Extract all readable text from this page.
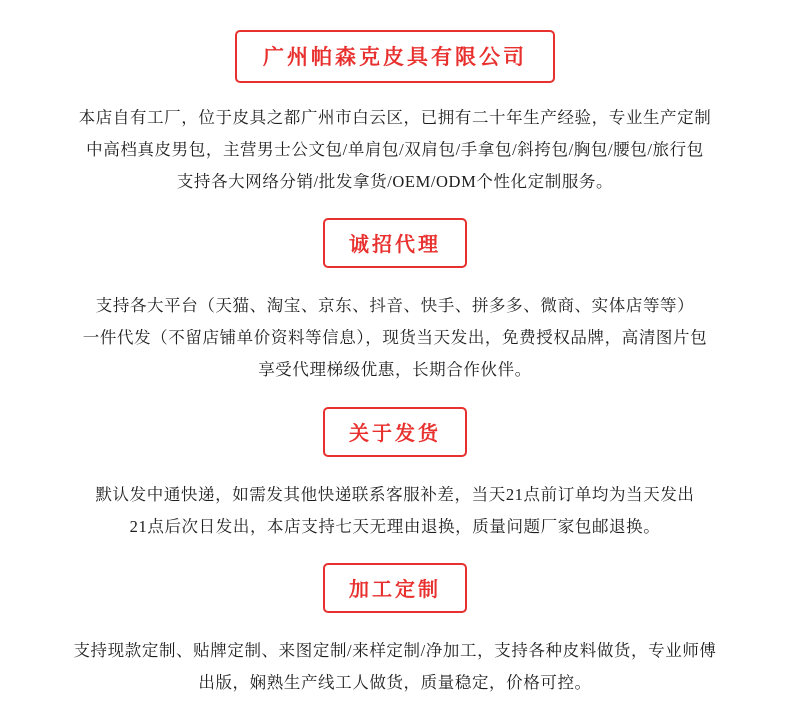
广州帕森克皮具有限公司
本店自有工厂，位于皮具之都广州市白云区，已拥有二十年生产经验，专业生产定制
中高档真皮男包，主营男士公文包/单肩包/双肩包/手拿包/斜挎包/胸包/腰包/旅行包
支持各大网络分销/批发拿货/OEM/ODM个性化定制服务。
诚招代理
支持各大平台（天猫、淘宝、京东、抖音、快手、拼多多、微商、实体店等等）
一件代发（不留店铺单价资料等信息），现货当天发出，免费授权品牌，高清图片包
享受代理梯级优惠，长期合作伙伴。
关于发货
默认发中通快递，如需发其他快递联系客服补差，当天21点前订单均为当天发出
21点后次日发出，本店支持七天无理由退换，质量问题厂家包邮退换。
加工定制
支持现款定制、贴牌定制、来图定制/来样定制/净加工，支持各种皮料做货，专业师傅
出版，娴熟生产线工人做货，质量稳定，价格可控。
